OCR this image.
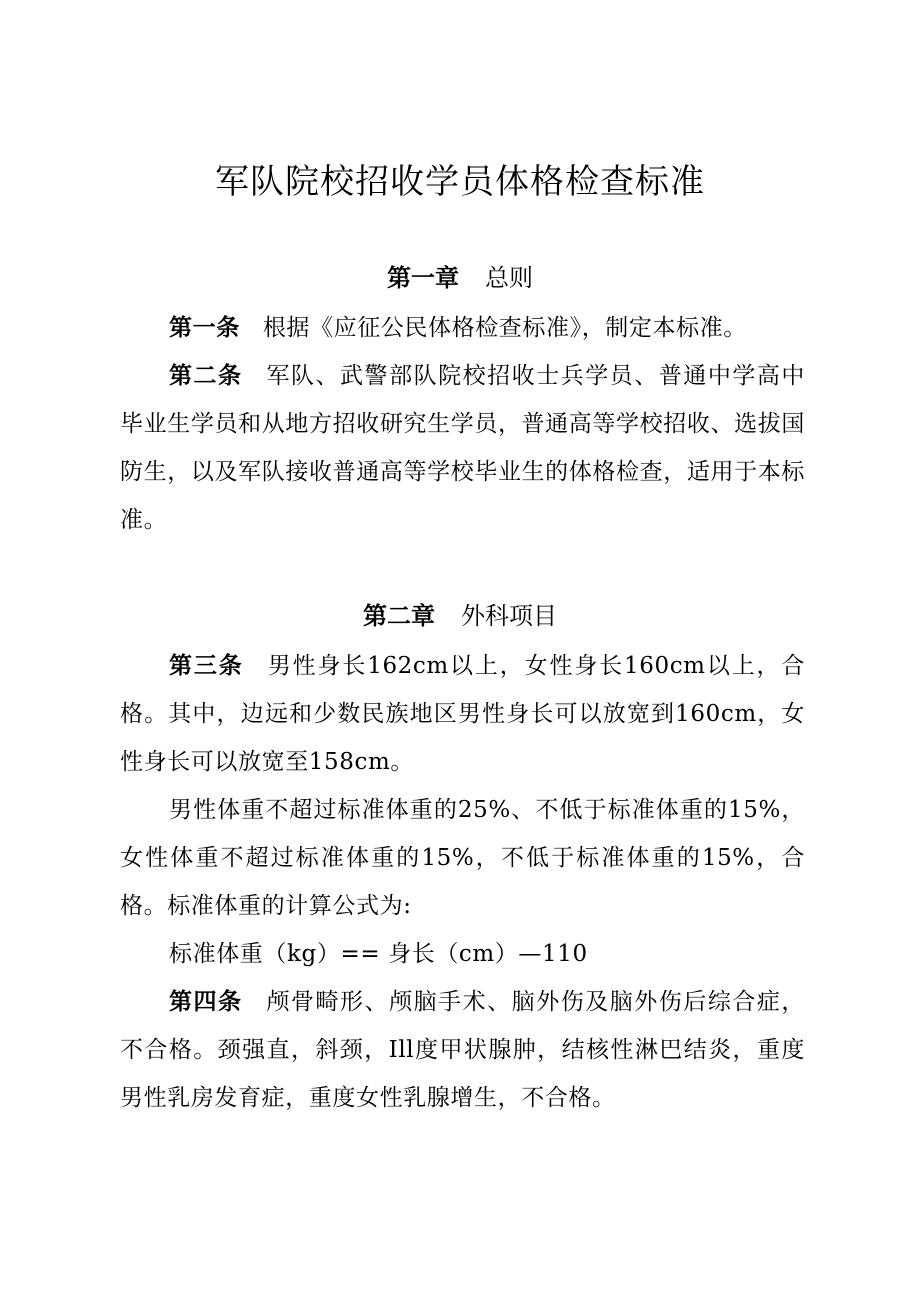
军队院校招收学员体格检查标准
第一章 总则

第一条 根据《应征公民体格检查标准》，制定本标准。

第二条 军队、武警部队院校招收士兵学员、普通中学高中毕业生学员和从地方招收研究生学员，普通高等学校招收、选拔国防生，以及军队接收普通高等学校毕业生的体格检查，适用于本标准。

第二章 外科项目

第三条 男性身长162cm以上，女性身长160cm以上，合格。其中，边远和少数民族地区男性身长可以放宽到160cm，女性身长可以放宽至158cm。

男性体重不超过标准体重的25%、不低于标准体重的15%，女性体重不超过标准体重的15%，不低于标准体重的15%，合格。标准体重的计算公式为:

标准体重（kg）== 身长（cm）—110

第四条 颅骨畸形、颅脑手术、脑外伤及脑外伤后综合症，不合格。颈强直，斜颈，Ill度甲状腺肿，结核性淋巴结炎，重度男性乳房发育症，重度女性乳腺增生，不合格。
